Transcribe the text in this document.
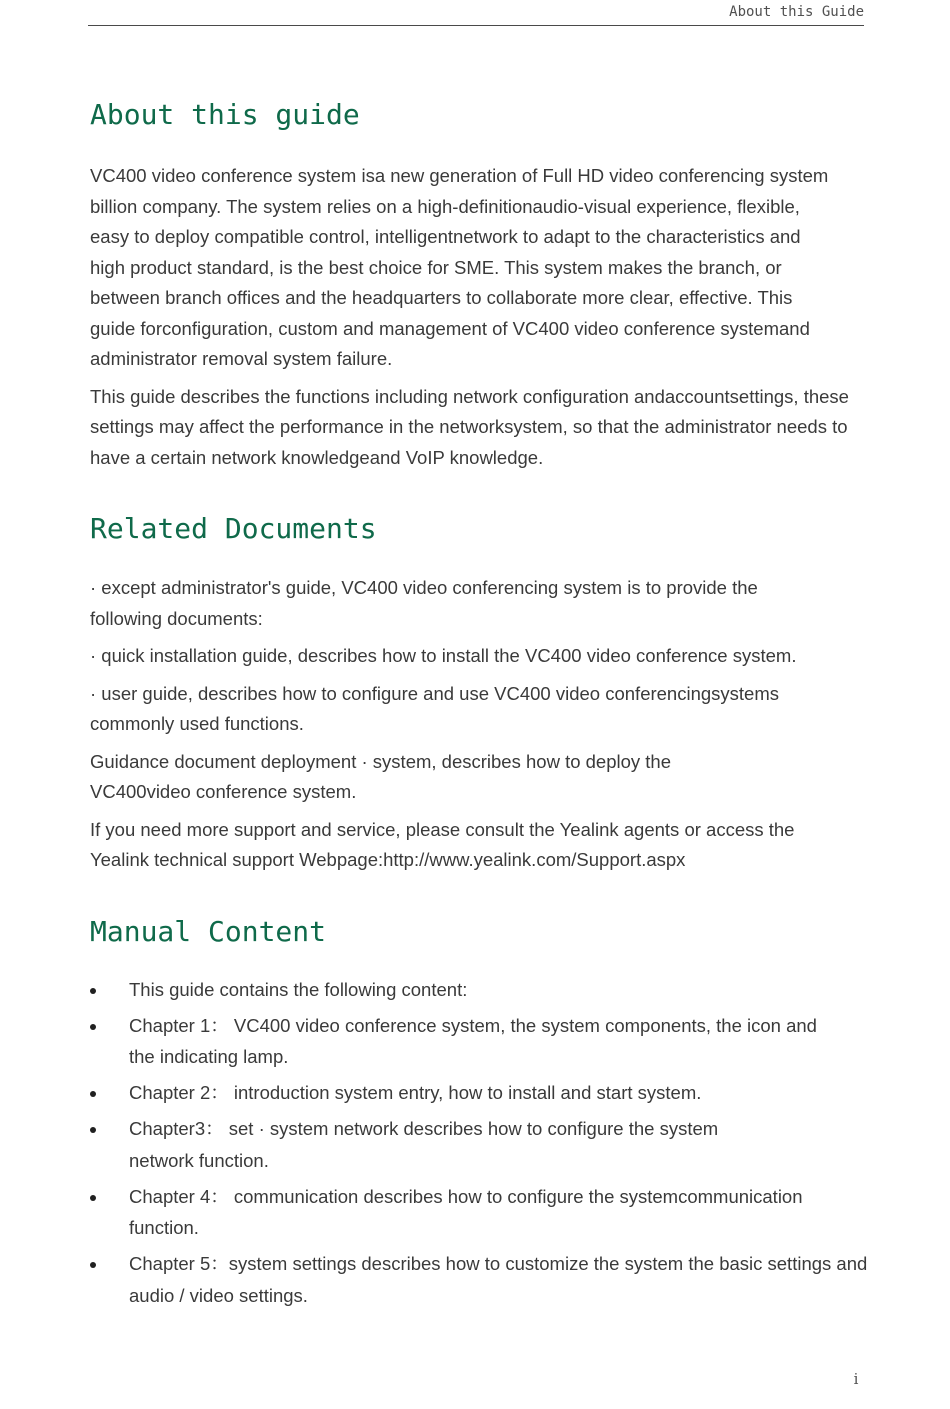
About this Guide
About this guide

VC400 video conference system isa new generation of Full HD video conferencing system billion company. The system relies on a high-definitionaudio-visual experience, flexible, easy to deploy compatible control, intelligentnetwork to adapt to the characteristics and high product standard, is the best choice for SME. This system makes the branch, or between branch offices and the headquarters to collaborate more clear, effective. This guide forconfiguration, custom and management of VC400 video conference systemand administrator removal system failure.

This guide describes the functions including network configuration andaccountsettings, these settings may affect the performance in the networksystem, so that the administrator needs to have a certain network knowledgeand VoIP knowledge.

Related Documents

· except administrator's guide, VC400 video conferencing system is to provide the following documents:

· quick installation guide, describes how to install the VC400 video conference system.

· user guide, describes how to configure and use VC400 video conferencingsystems commonly used functions.

Guidance document deployment · system, describes how to deploy the VC400video conference system.

If you need more support and service, please consult the Yealink agents or access the Yealink technical support Webpage:http://www.yealink.com/Support.aspx

Manual Content
This guide contains the following content:
Chapter 1： VC400 video conference system, the system components, the icon and the indicating lamp.
Chapter 2： introduction system entry, how to install and start system.
Chapter3： set · system network describes how to configure the system network function.
Chapter 4： communication describes how to configure the systemcommunication function.
Chapter 5：system settings describes how to customize the system the basic settings and audio / video settings.
i
